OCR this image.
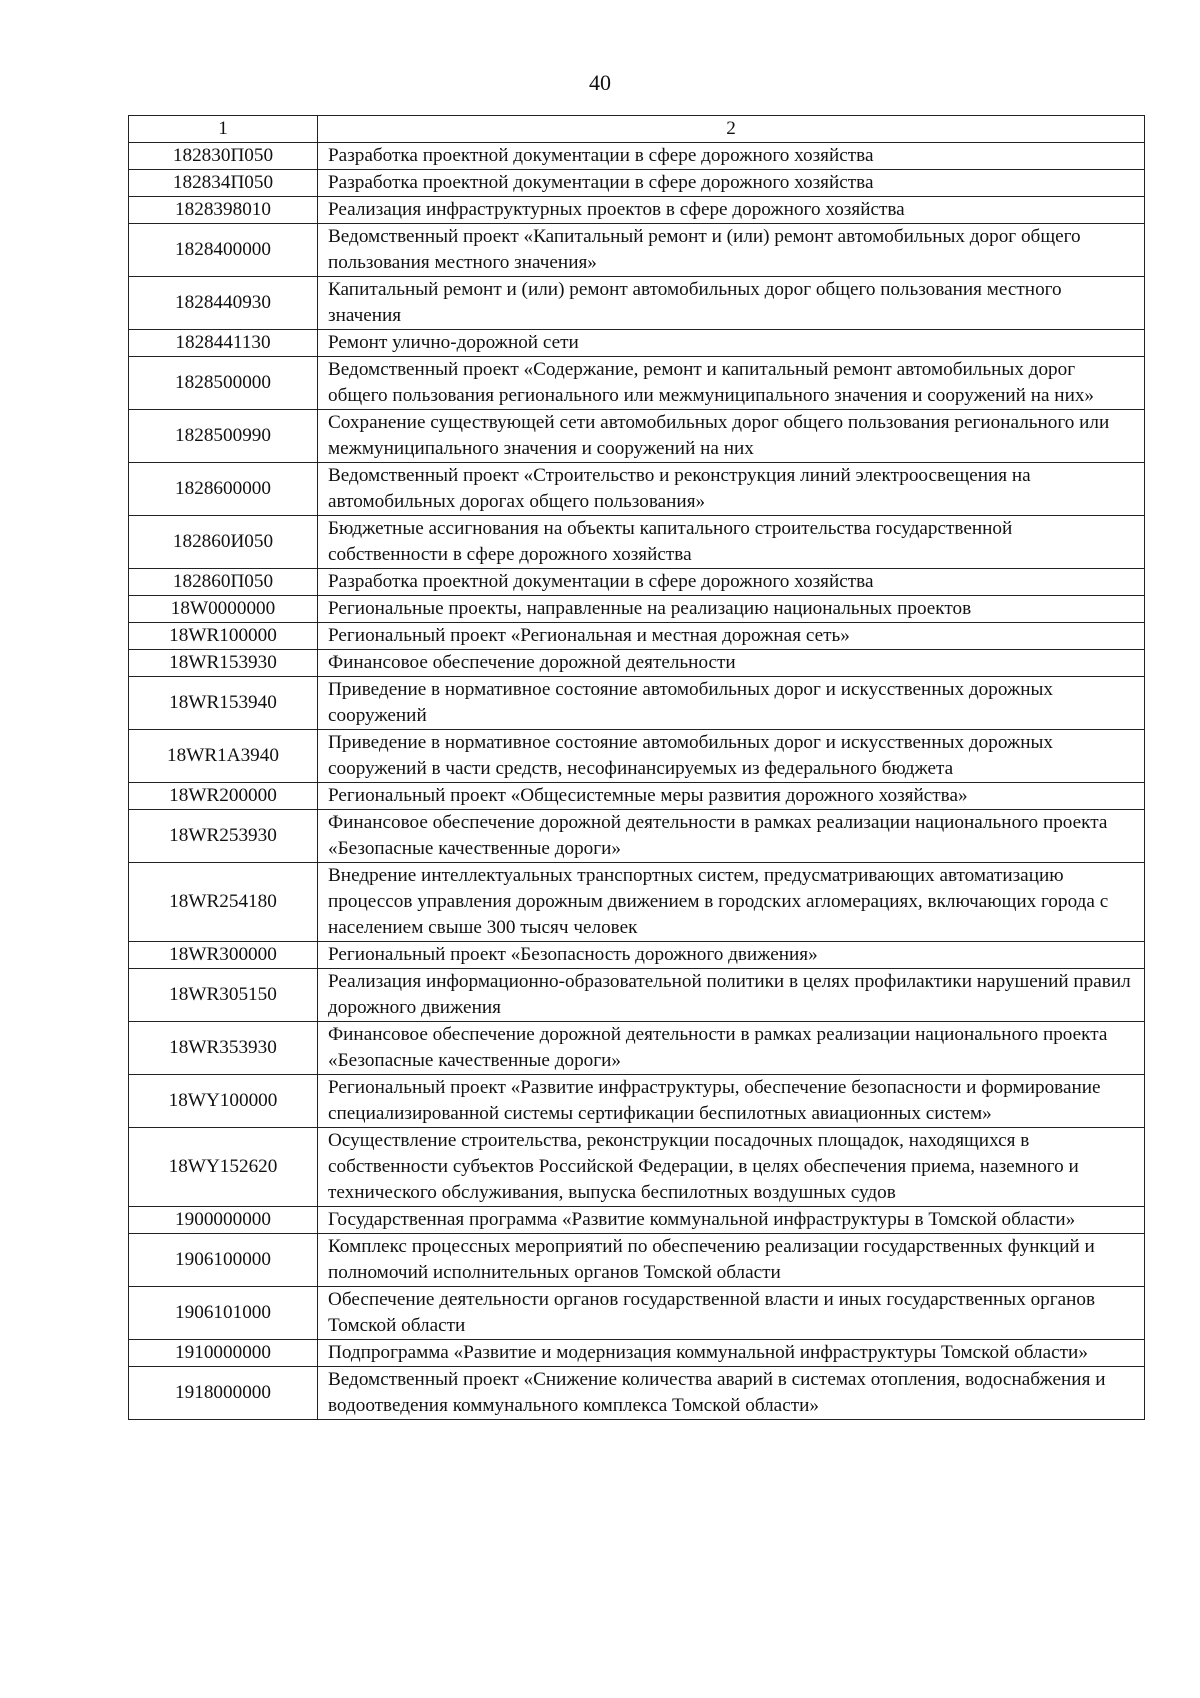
40
1	2
182830П050	Разработка проектной документации в сфере дорожного хозяйства
182834П050	Разработка проектной документации в сфере дорожного хозяйства
1828398010	Реализация инфраструктурных проектов в сфере дорожного хозяйства
1828400000	Ведомственный проект «Капитальный ремонт и (или) ремонт автомобильных дорог общего пользования местного значения»
1828440930	Капитальный ремонт и (или) ремонт автомобильных дорог общего пользования местного значения
1828441130	Ремонт улично-дорожной сети
1828500000	Ведомственный проект «Содержание, ремонт и капитальный ремонт автомобильных дорог общего пользования регионального или межмуниципального значения и сооружений на них»
1828500990	Сохранение существующей сети автомобильных дорог общего пользования регионального или межмуниципального значения и сооружений на них
1828600000	Ведомственный проект «Строительство и реконструкция линий электроосвещения на автомобильных дорогах общего пользования»
182860И050	Бюджетные ассигнования на объекты капитального строительства государственной собственности в сфере дорожного хозяйства
182860П050	Разработка проектной документации в сфере дорожного хозяйства
18W0000000	Региональные проекты, направленные на реализацию национальных проектов
18WR100000	Региональный проект «Региональная и местная дорожная сеть»
18WR153930	Финансовое обеспечение дорожной деятельности
18WR153940	Приведение в нормативное состояние автомобильных дорог и искусственных дорожных сооружений
18WR1A3940	Приведение в нормативное состояние автомобильных дорог и искусственных дорожных сооружений в части средств, несофинансируемых из федерального бюджета
18WR200000	Региональный проект «Общесистемные меры развития дорожного хозяйства»
18WR253930	Финансовое обеспечение дорожной деятельности в рамках реализации национального проекта «Безопасные качественные дороги»
18WR254180	Внедрение интеллектуальных транспортных систем, предусматривающих автоматизацию процессов управления дорожным движением в городских агломерациях, включающих города с населением свыше 300 тысяч человек
18WR300000	Региональный проект «Безопасность дорожного движения»
18WR305150	Реализация информационно-образовательной политики в целях профилактики нарушений правил дорожного движения
18WR353930	Финансовое обеспечение дорожной деятельности в рамках реализации национального проекта «Безопасные качественные дороги»
18WY100000	Региональный проект «Развитие инфраструктуры, обеспечение безопасности и формирование специализированной системы сертификации беспилотных авиационных систем»
18WY152620	Осуществление строительства, реконструкции посадочных площадок, находящихся в собственности субъектов Российской Федерации, в целях обеспечения приема, наземного и технического обслуживания, выпуска беспилотных воздушных судов
1900000000	Государственная программа «Развитие коммунальной инфраструктуры в Томской области»
1906100000	Комплекс процессных мероприятий по обеспечению реализации государственных функций и полномочий исполнительных органов Томской области
1906101000	Обеспечение деятельности органов государственной власти и иных государственных органов Томской области
1910000000	Подпрограмма «Развитие и модернизация коммунальной инфраструктуры Томской области»
1918000000	Ведомственный проект «Снижение количества аварий в системах отопления, водоснабжения и водоотведения коммунального комплекса Томской области»
